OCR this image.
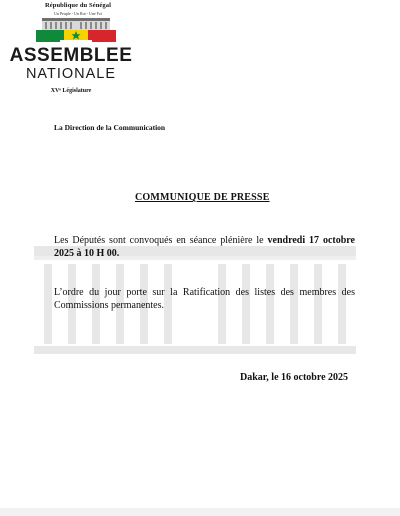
République du Sénégal
Un Peuple - Un But - Une Foi
ASSEMBLEE
NATIONALE
XVᵉ Législature
La Direction de la Communication
COMMUNIQUE DE PRESSE
Les Députés sont convoqués en séance plénière le vendredi 17 octobre 2025 à 10 H 00.
L’ordre du jour porte sur la Ratification des listes des membres des Commissions permanentes.
Dakar, le 16 octobre 2025
